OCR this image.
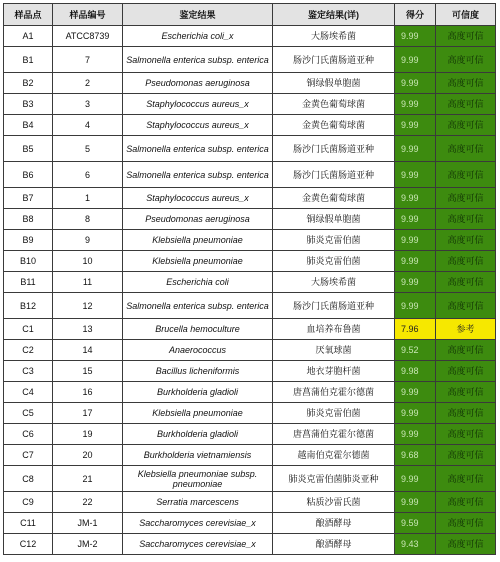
样品点	样品编号	鉴定结果	鉴定结果(详)	得分	可信度
A1	ATCC8739	Escherichia coli_x	大肠埃希菌	9.99	高度可信
B1	7	Salmonella enterica subsp. enterica	肠沙门氏菌肠道亚种	9.99	高度可信
B2	2	Pseudomonas aeruginosa	铜绿假单胞菌	9.99	高度可信
B3	3	Staphylococcus aureus_x	金黄色葡萄球菌	9.99	高度可信
B4	4	Staphylococcus aureus_x	金黄色葡萄球菌	9.99	高度可信
B5	5	Salmonella enterica subsp. enterica	肠沙门氏菌肠道亚种	9.99	高度可信
B6	6	Salmonella enterica subsp. enterica	肠沙门氏菌肠道亚种	9.99	高度可信
B7	1	Staphylococcus aureus_x	金黄色葡萄球菌	9.99	高度可信
B8	8	Pseudomonas aeruginosa	铜绿假单胞菌	9.99	高度可信
B9	9	Klebsiella pneumoniae	肺炎克雷伯菌	9.99	高度可信
B10	10	Klebsiella pneumoniae	肺炎克雷伯菌	9.99	高度可信
B11	11	Escherichia coli	大肠埃希菌	9.99	高度可信
B12	12	Salmonella enterica subsp. enterica	肠沙门氏菌肠道亚种	9.99	高度可信
C1	13	Brucella hemoculture	血培养布鲁菌	7.96	参考
C2	14	Anaerococcus	厌氧球菌	9.52	高度可信
C3	15	Bacillus licheniformis	地衣芽胞杆菌	9.98	高度可信
C4	16	Burkholderia gladioli	唐菖蒲伯克霍尔德菌	9.99	高度可信
C5	17	Klebsiella pneumoniae	肺炎克雷伯菌	9.99	高度可信
C6	19	Burkholderia gladioli	唐菖蒲伯克霍尔德菌	9.99	高度可信
C7	20	Burkholderia vietnamiensis	越南伯克霍尔德菌	9.68	高度可信
C8	21	Klebsiella pneumoniae subsp. pneumoniae	肺炎克雷伯菌肺炎亚种	9.99	高度可信
C9	22	Serratia marcescens	粘质沙雷氏菌	9.99	高度可信
C11	JM-1	Saccharomyces cerevisiae_x	酿酒酵母	9.59	高度可信
C12	JM-2	Saccharomyces cerevisiae_x	酿酒酵母	9.43	高度可信
